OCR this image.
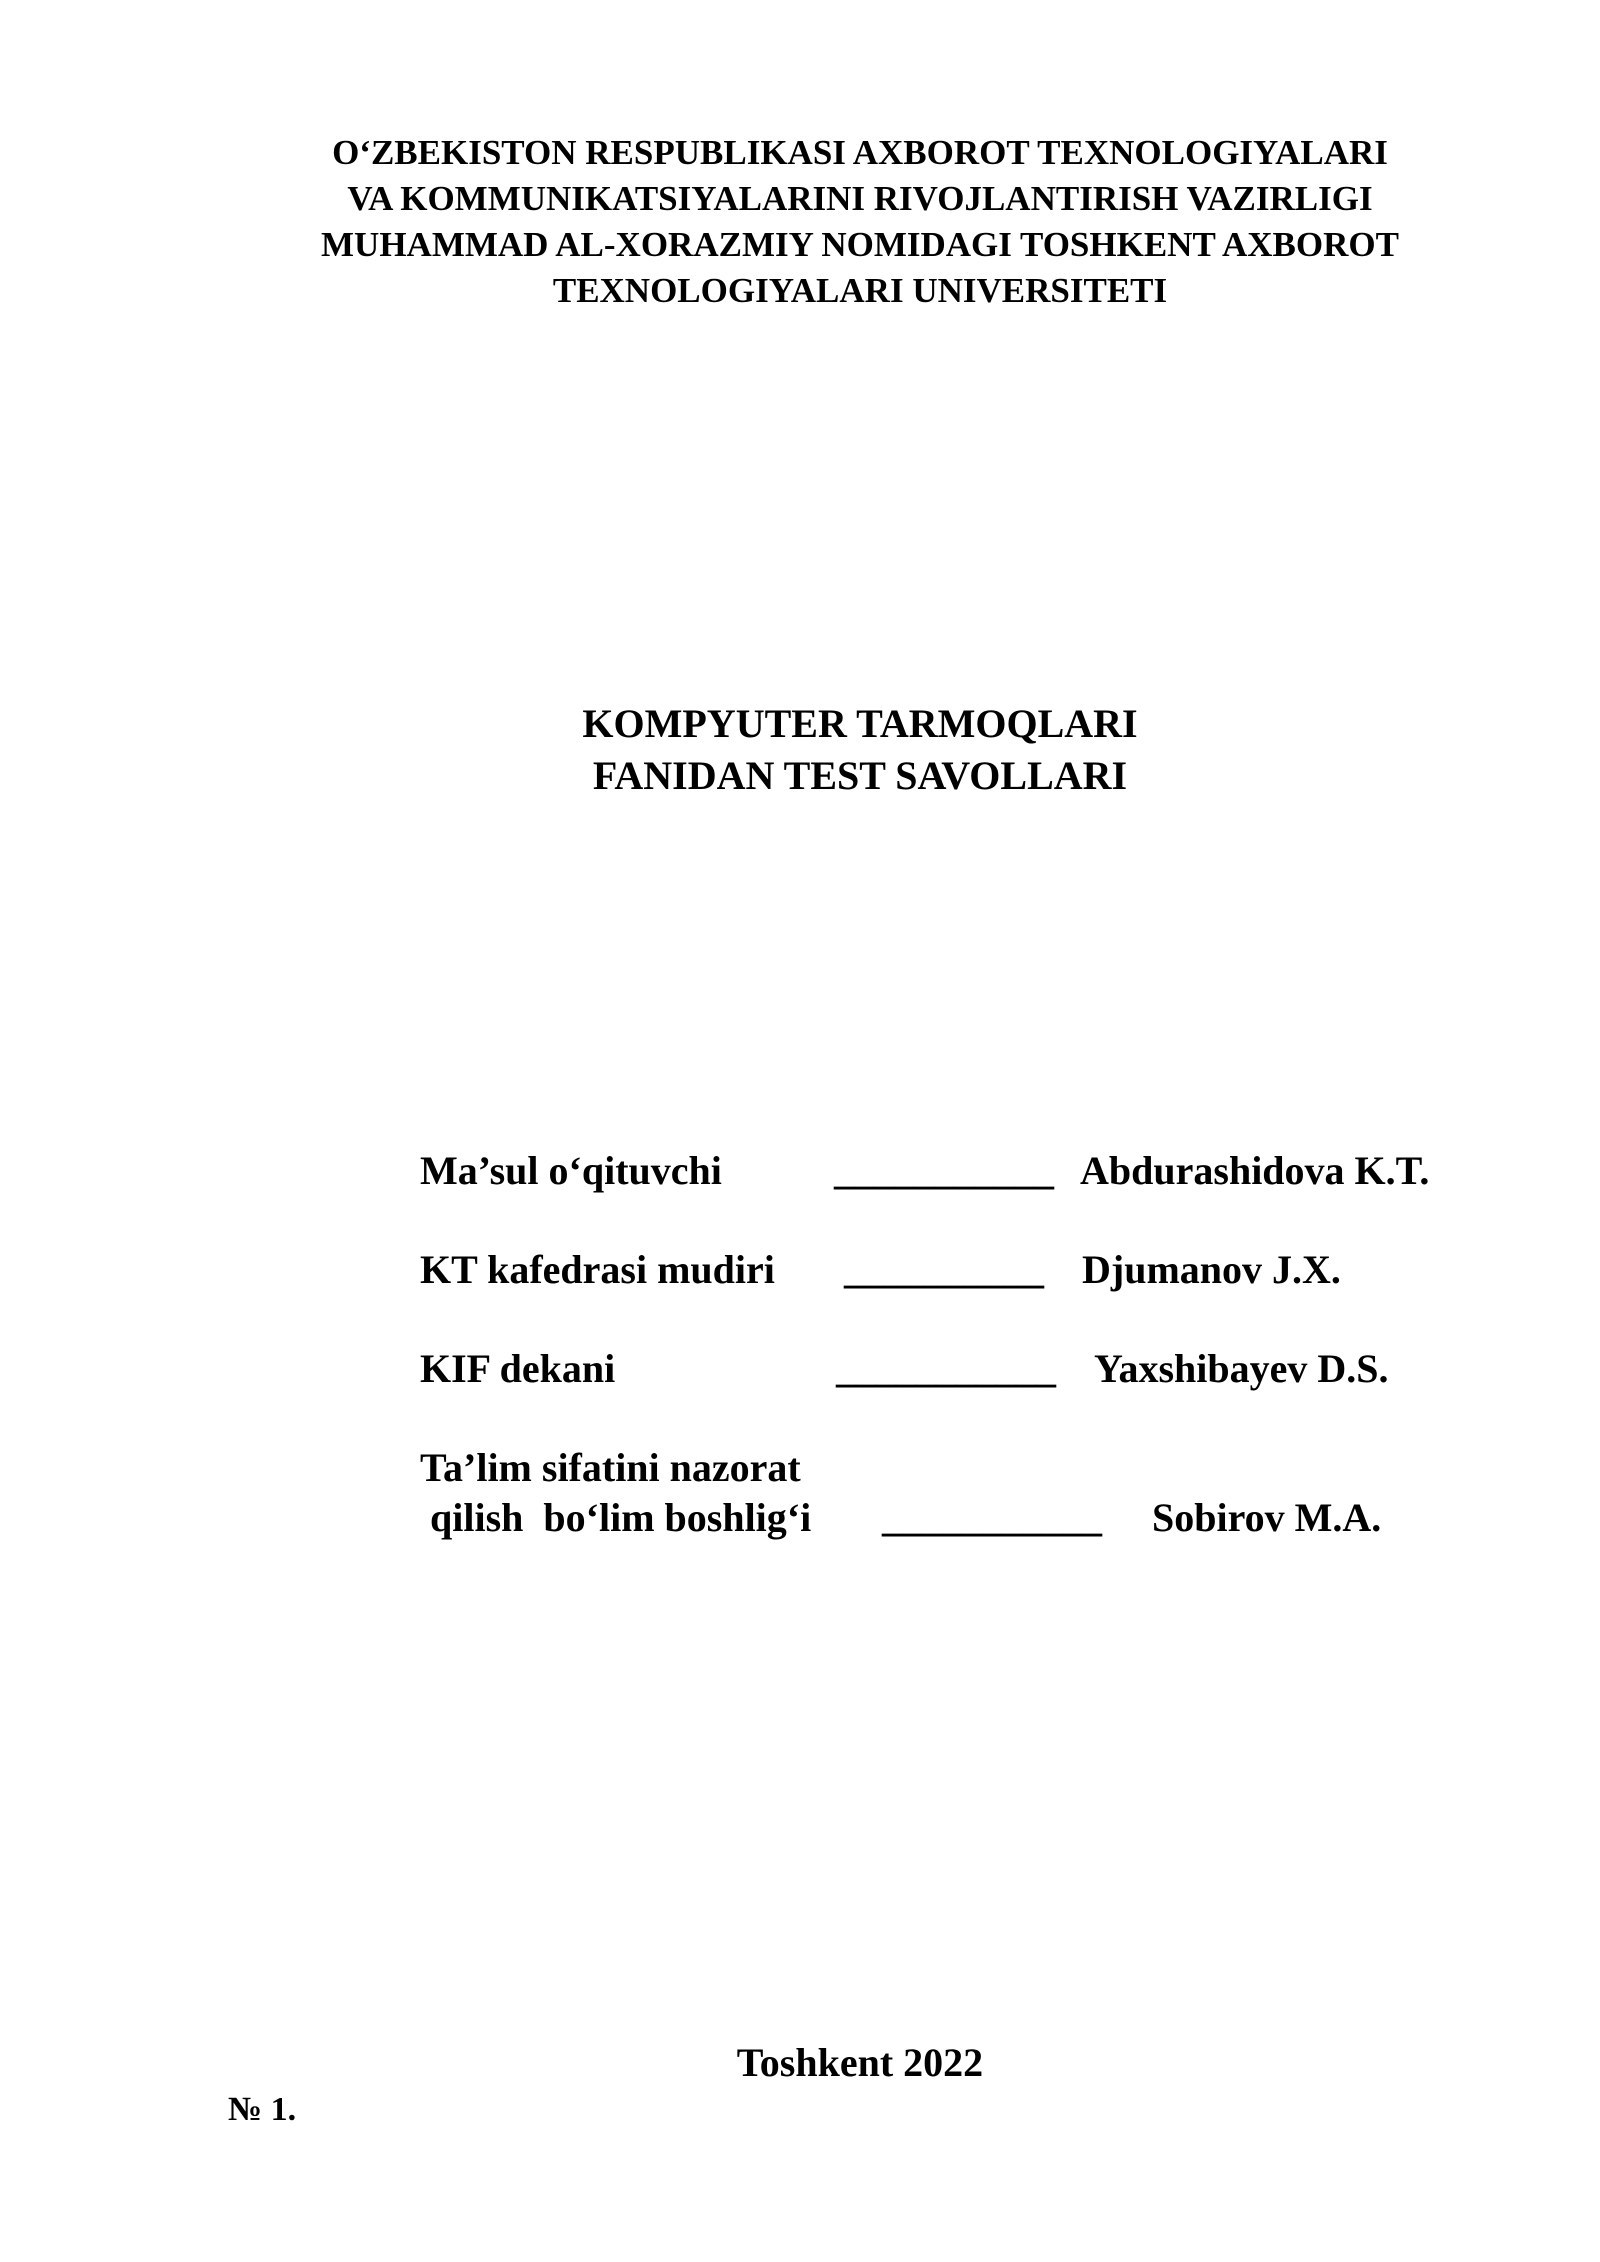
O‘ZBEKISTON RESPUBLIKASI AXBOROT TEXNOLOGIYALARI
VA KOMMUNIKATSIYALARINI RIVOJLANTIRISH VAZIRLIGI
MUHAMMAD AL-XORAZMIY NOMIDAGI TOSHKENT AXBOROT
TEXNOLOGIYALARI UNIVERSITETI
KOMPYUTER TARMOQLARI
FANIDAN TEST SAVOLLARI
Ma’sul o‘qituvchi	___________ Abdurashidova K.T.
KT kafedrasi mudiri __________ Djumanov J.X.
KIF dekani	___________ Yaxshibayev D.S.
Ta’lim sifatini nazorat
qilish  bo‘lim boshlig‘i ___________ Sobirov M.A.
Toshkent 2022
№ 1.
